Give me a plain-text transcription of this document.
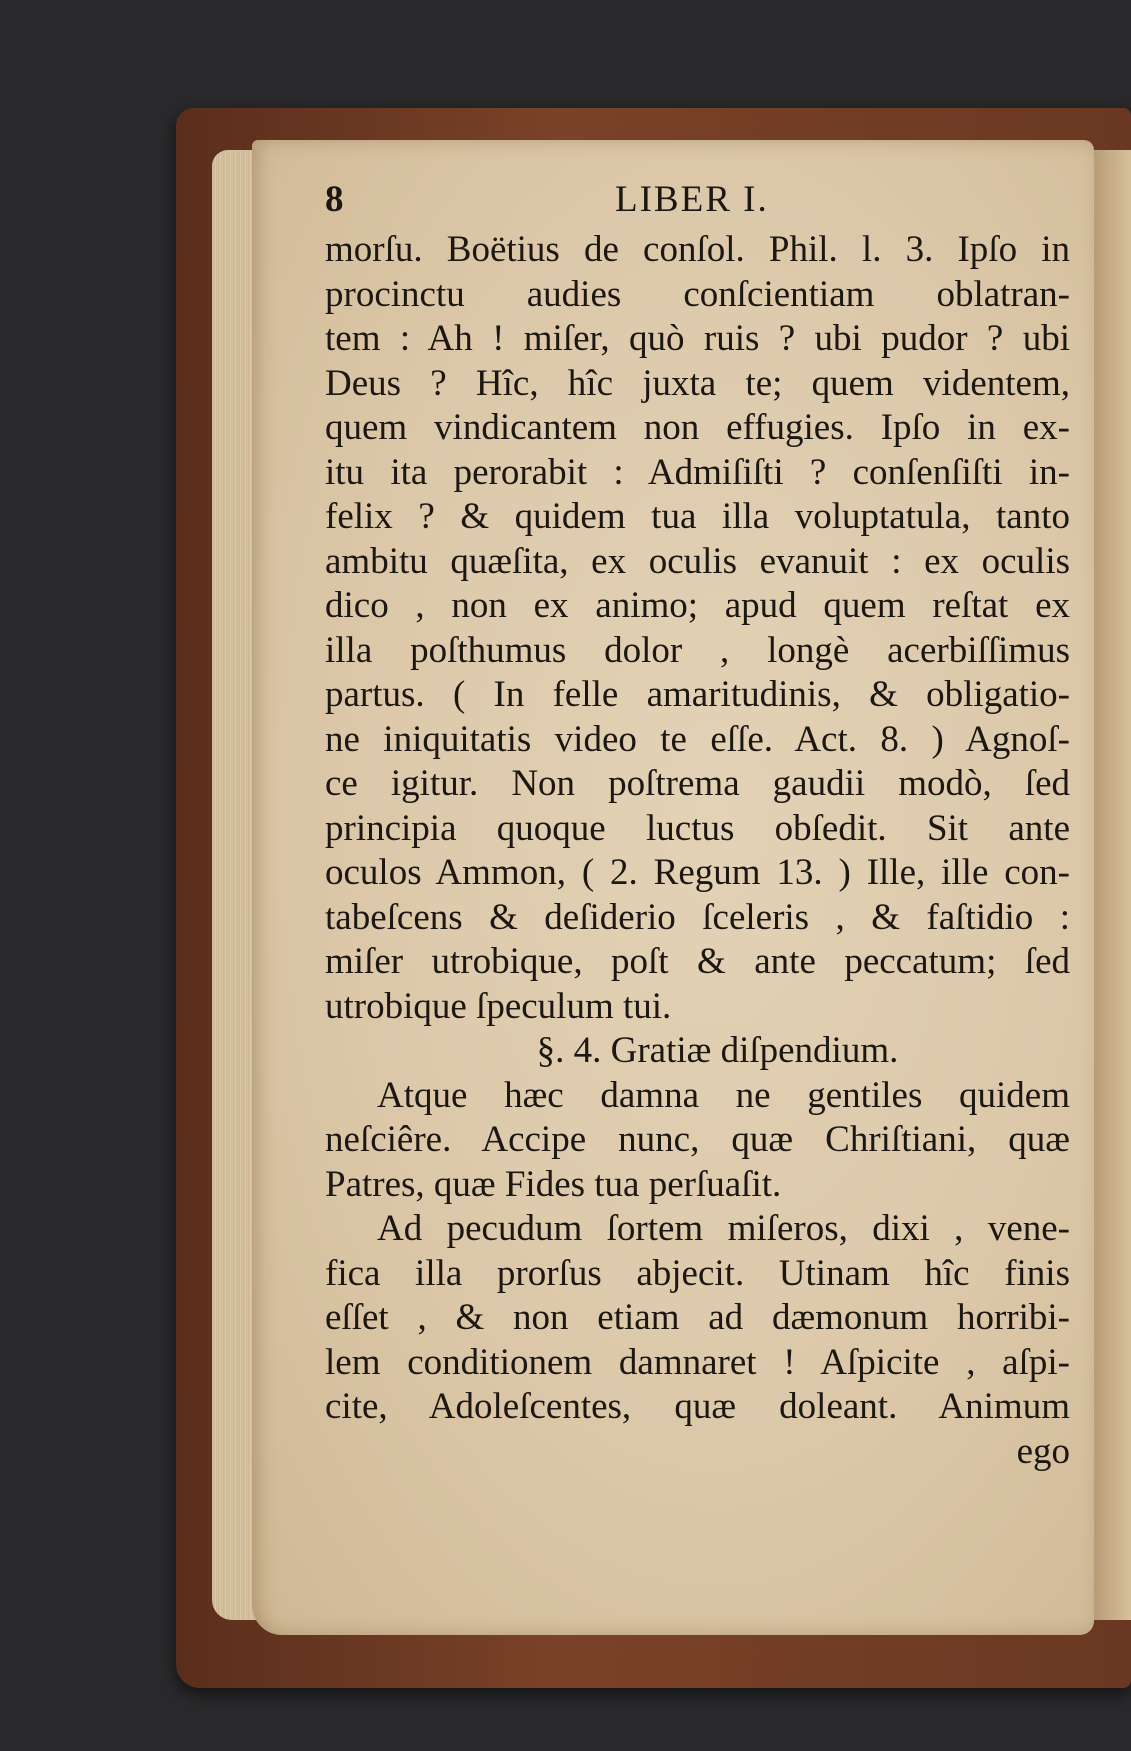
8	LIBER I.
morſu. Boëtius de conſol. Phil. l. 3. Ipſo in
procinctu audies conſcientiam oblatran-
tem : Ah ! miſer, quò ruis ? ubi pudor ? ubi
Deus ? Hîc, hîc juxta te; quem videntem,
quem vindicantem non effugies. Ipſo in ex-
itu ita perorabit : Admiſiſti ? conſenſiſti in-
felix ? & quidem tua illa voluptatula, tanto
ambitu quæſita, ex oculis evanuit : ex oculis
dico , non ex animo; apud quem reſtat ex
illa poſthumus dolor , longè acerbiſſimus
partus. ( In felle amaritudinis, & obligatio-
ne iniquitatis video te eſſe. Act. 8. ) Agnoſ-
ce igitur. Non poſtrema gaudii modò, ſed
principia quoque luctus obſedit. Sit ante
oculos Ammon, ( 2. Regum 13. ) Ille, ille con-
tabeſcens & deſiderio ſceleris , & faſtidio :
miſer utrobique, poſt & ante peccatum; ſed
utrobique ſpeculum tui.
§. 4. Gratiæ diſpendium.
Atque hæc damna ne gentiles quidem
neſciêre. Accipe nunc, quæ Chriſtiani, quæ
Patres, quæ Fides tua perſuaſit.
Ad pecudum ſortem miſeros, dixi , vene-
fica illa prorſus abjecit. Utinam hîc finis
eſſet , & non etiam ad dæmonum horribi-
lem conditionem damnaret ! Aſpicite , aſpi-
cite, Adoleſcentes, quæ doleant. Animum
ego
